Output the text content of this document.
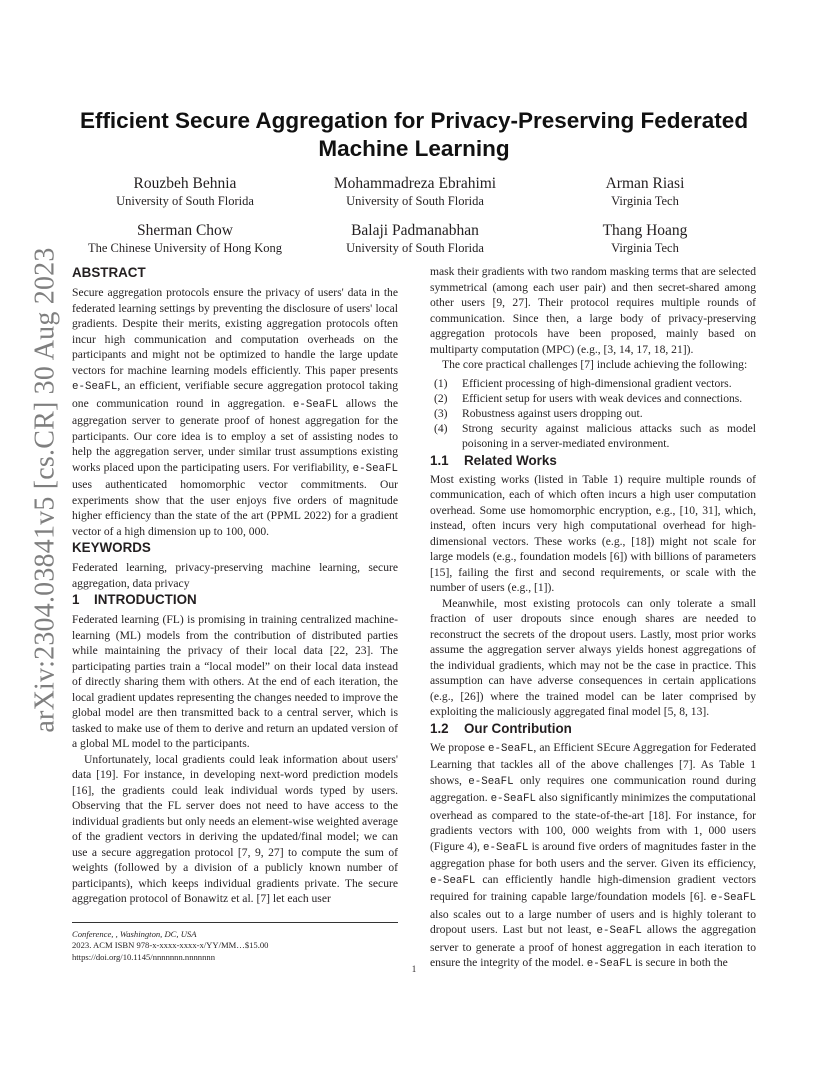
arXiv:2304.03841v5 [cs.CR] 30 Aug 2023
Efficient Secure Aggregation for Privacy-Preserving Federated Machine Learning
Rouzbeh Behnia
University of South Florida
Mohammadreza Ebrahimi
University of South Florida
Arman Riasi
Virginia Tech
Sherman Chow
The Chinese University of Hong Kong
Balaji Padmanabhan
University of South Florida
Thang Hoang
Virginia Tech
ABSTRACT

Secure aggregation protocols ensure the privacy of users' data in the federated learning settings by preventing the disclosure of users' local gradients. Despite their merits, existing aggregation protocols often incur high communication and computation overheads on the participants and might not be optimized to handle the large update vectors for machine learning models efficiently. This paper presents e-SeaFL, an efficient, verifiable secure aggregation protocol taking one communication round in aggregation. e-SeaFL allows the aggregation server to generate proof of honest aggregation for the participants. Our core idea is to employ a set of assisting nodes to help the aggregation server, under similar trust assumptions existing works placed upon the participating users. For verifiability, e-SeaFL uses authenticated homomorphic vector commitments. Our experiments show that the user enjoys five orders of magnitude higher efficiency than the state of the art (PPML 2022) for a gradient vector of a high dimension up to 100, 000.

KEYWORDS

Federated learning, privacy-preserving machine learning, secure aggregation, data privacy

1 INTRODUCTION

Federated learning (FL) is promising in training centralized machine-learning (ML) models from the contribution of distributed parties while maintaining the privacy of their local data [22, 23]. The participating parties train a “local model” on their local data instead of directly sharing them with others. At the end of each iteration, the local gradient updates representing the changes needed to improve the global model are then transmitted back to a central server, which is tasked to make use of them to derive and return an updated version of a global ML model to the participants.

Unfortunately, local gradients could leak information about users' data [19]. For instance, in developing next-word prediction models [16], the gradients could leak individual words typed by users. Observing that the FL server does not need to have access to the individual gradients but only needs an element-wise weighted average of the gradient vectors in deriving the updated/final model; we can use a secure aggregation protocol [7, 9, 27] to compute the sum of weights (followed by a division of a publicly known number of participants), which keeps individual gradients private. The secure aggregation protocol of Bonawitz et al. [7] let each user

mask their gradients with two random masking terms that are selected symmetrical (among each user pair) and then secret-shared among other users [9, 27]. Their protocol requires multiple rounds of communication. Since then, a large body of privacy-preserving aggregation protocols have been proposed, mainly based on multiparty computation (MPC) (e.g., [3, 14, 17, 18, 21]).

The core practical challenges [7] include achieving the following:

(1)	Efficient processing of high-dimensional gradient vectors.
(2)	Efficient setup for users with weak devices and connections.
(3)	Robustness against users dropping out.
(4)	Strong security against malicious attacks such as model poisoning in a server-mediated environment.
1.1 Related Works

Most existing works (listed in Table 1) require multiple rounds of communication, each of which often incurs a high user computation overhead. Some use homomorphic encryption, e.g., [10, 31], which, instead, often incurs very high computational overhead for high-dimensional vectors. These works (e.g., [18]) might not scale for large models (e.g., foundation models [6]) with billions of parameters [15], failing the first and second requirements, or scale with the number of users (e.g., [1]).

Meanwhile, most existing protocols can only tolerate a small fraction of user dropouts since enough shares are needed to reconstruct the secrets of the dropout users. Lastly, most prior works assume the aggregation server always yields honest aggregations of the individual gradients, which may not be the case in practice. This assumption can have adverse consequences in certain applications (e.g., [26]) where the trained model can be later comprised by exploiting the maliciously aggregated final model [5, 8, 13].

1.2 Our Contribution

We propose e-SeaFL, an Efficient SEcure Aggregation for Federated Learning that tackles all of the above challenges [7]. As Table 1 shows, e-SeaFL only requires one communication round during aggregation. e-SeaFL also significantly minimizes the computational overhead as compared to the state-of-the-art [18]. For instance, for gradients vectors with 100, 000 weights from with 1, 000 users (Figure 4), e-SeaFL is around five orders of magnitudes faster in the aggregation phase for both users and the server. Given its efficiency, e-SeaFL can efficiently handle high-dimension gradient vectors required for training capable large/foundation models [6]. e-SeaFL also scales out to a large number of users and is highly tolerant to dropout users. Last but not least, e-SeaFL allows the aggregation server to generate a proof of honest aggregation in each iteration to ensure the integrity of the model. e-SeaFL is secure in both the

Conference, , Washington, DC, USA
2023. ACM ISBN 978-x-xxxx-xxxx-x/YY/MM…$15.00
https://doi.org/10.1145/nnnnnnn.nnnnnnn
1
